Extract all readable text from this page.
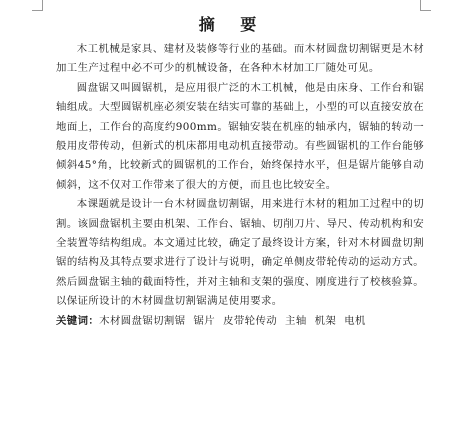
摘 要

木工机械是家具、建材及装修等行业的基础。而木材圆盘切割锯更是木材加工生产过程中必不可少的机械设备，在各种木材加工厂随处可见。

圆盘锯又叫圆锯机，是应用很广泛的木工机械，他是由床身、工作台和锯轴组成。大型圆锯机座必须安装在结实可靠的基础上，小型的可以直接安放在地面上，工作台的高度约900mm。锯轴安装在机座的轴承内，锯轴的转动一般用皮带传动，但新式的机床都用电动机直接带动。有些圆锯机的工作台能够倾斜45°角，比较新式的圆锯机的工作台，始终保持水平，但是锯片能够自动倾斜，这不仅对工作带来了很大的方便，而且也比较安全。

本课题就是设计一台木材圆盘切割锯，用来进行木材的粗加工过程中的切割。该圆盘锯机主要由机架、工作台、锯轴、切削刀片、导尺、传动机构和安全装置等结构组成。本文通过比较，确定了最终设计方案，针对木材圆盘切割锯的结构及其特点要求进行了设计与说明，确定单侧皮带轮传动的运动方式。然后圆盘锯主轴的截面特性，并对主轴和支架的强度、刚度进行了校核验算。以保证所设计的木材圆盘切割锯满足使用要求。

关键词：木材圆盘锯切割锯 锯片 皮带轮传动 主轴 机架 电机
